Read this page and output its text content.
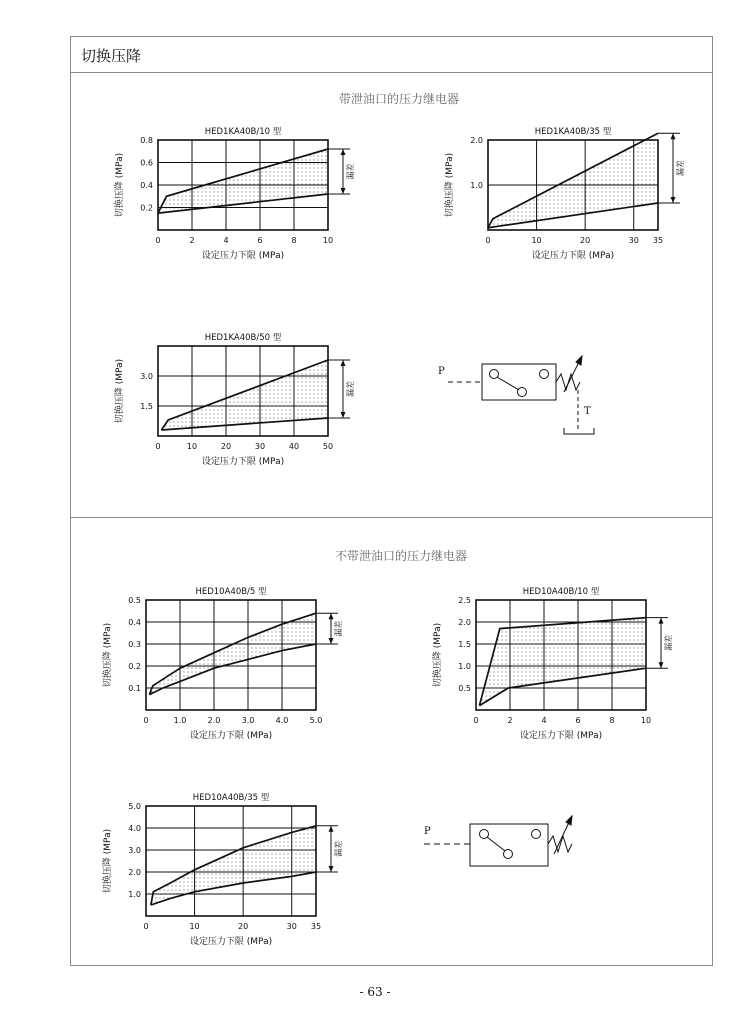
切换压降
带泄油口的压力继电器
不带泄油口的压力继电器
0	2	4	6	8	10
0.2
0.4
0.6
0.8
HED1KA40B/10 型
设定压力下限 (MPa)
切换压降 (MPa)	漏差
0	10	20	30 35
1.0
2.0
HED1KA40B/35 型
设定压力下限 (MPa)
切换压降 (MPa)	漏差
0	10	20	30	40	50
1.5
3.0
HED1KA40B/50 型
设定压力下限 (MPa)
切换压降 (MPa)	漏差
0	1.0	2.0	3.0	4.0	5.0
0.1
0.2
0.3
0.4
0.5
HED10A40B/5 型
设定压力下限 (MPa)
切换压降 (MPa)	漏差
0	2	4	6	8	10
0.5
1.0
1.5
2.0
2.5
HED10A40B/10 型
设定压力下限 (MPa)
切换压降 (MPa)	漏差
0	10	20	30 35
1.0
2.0
3.0
4.0
5.0
HED10A40B/35 型
设定压力下限 (MPa)
切换压降 (MPa)	漏差
P
T
P
- 63 -
